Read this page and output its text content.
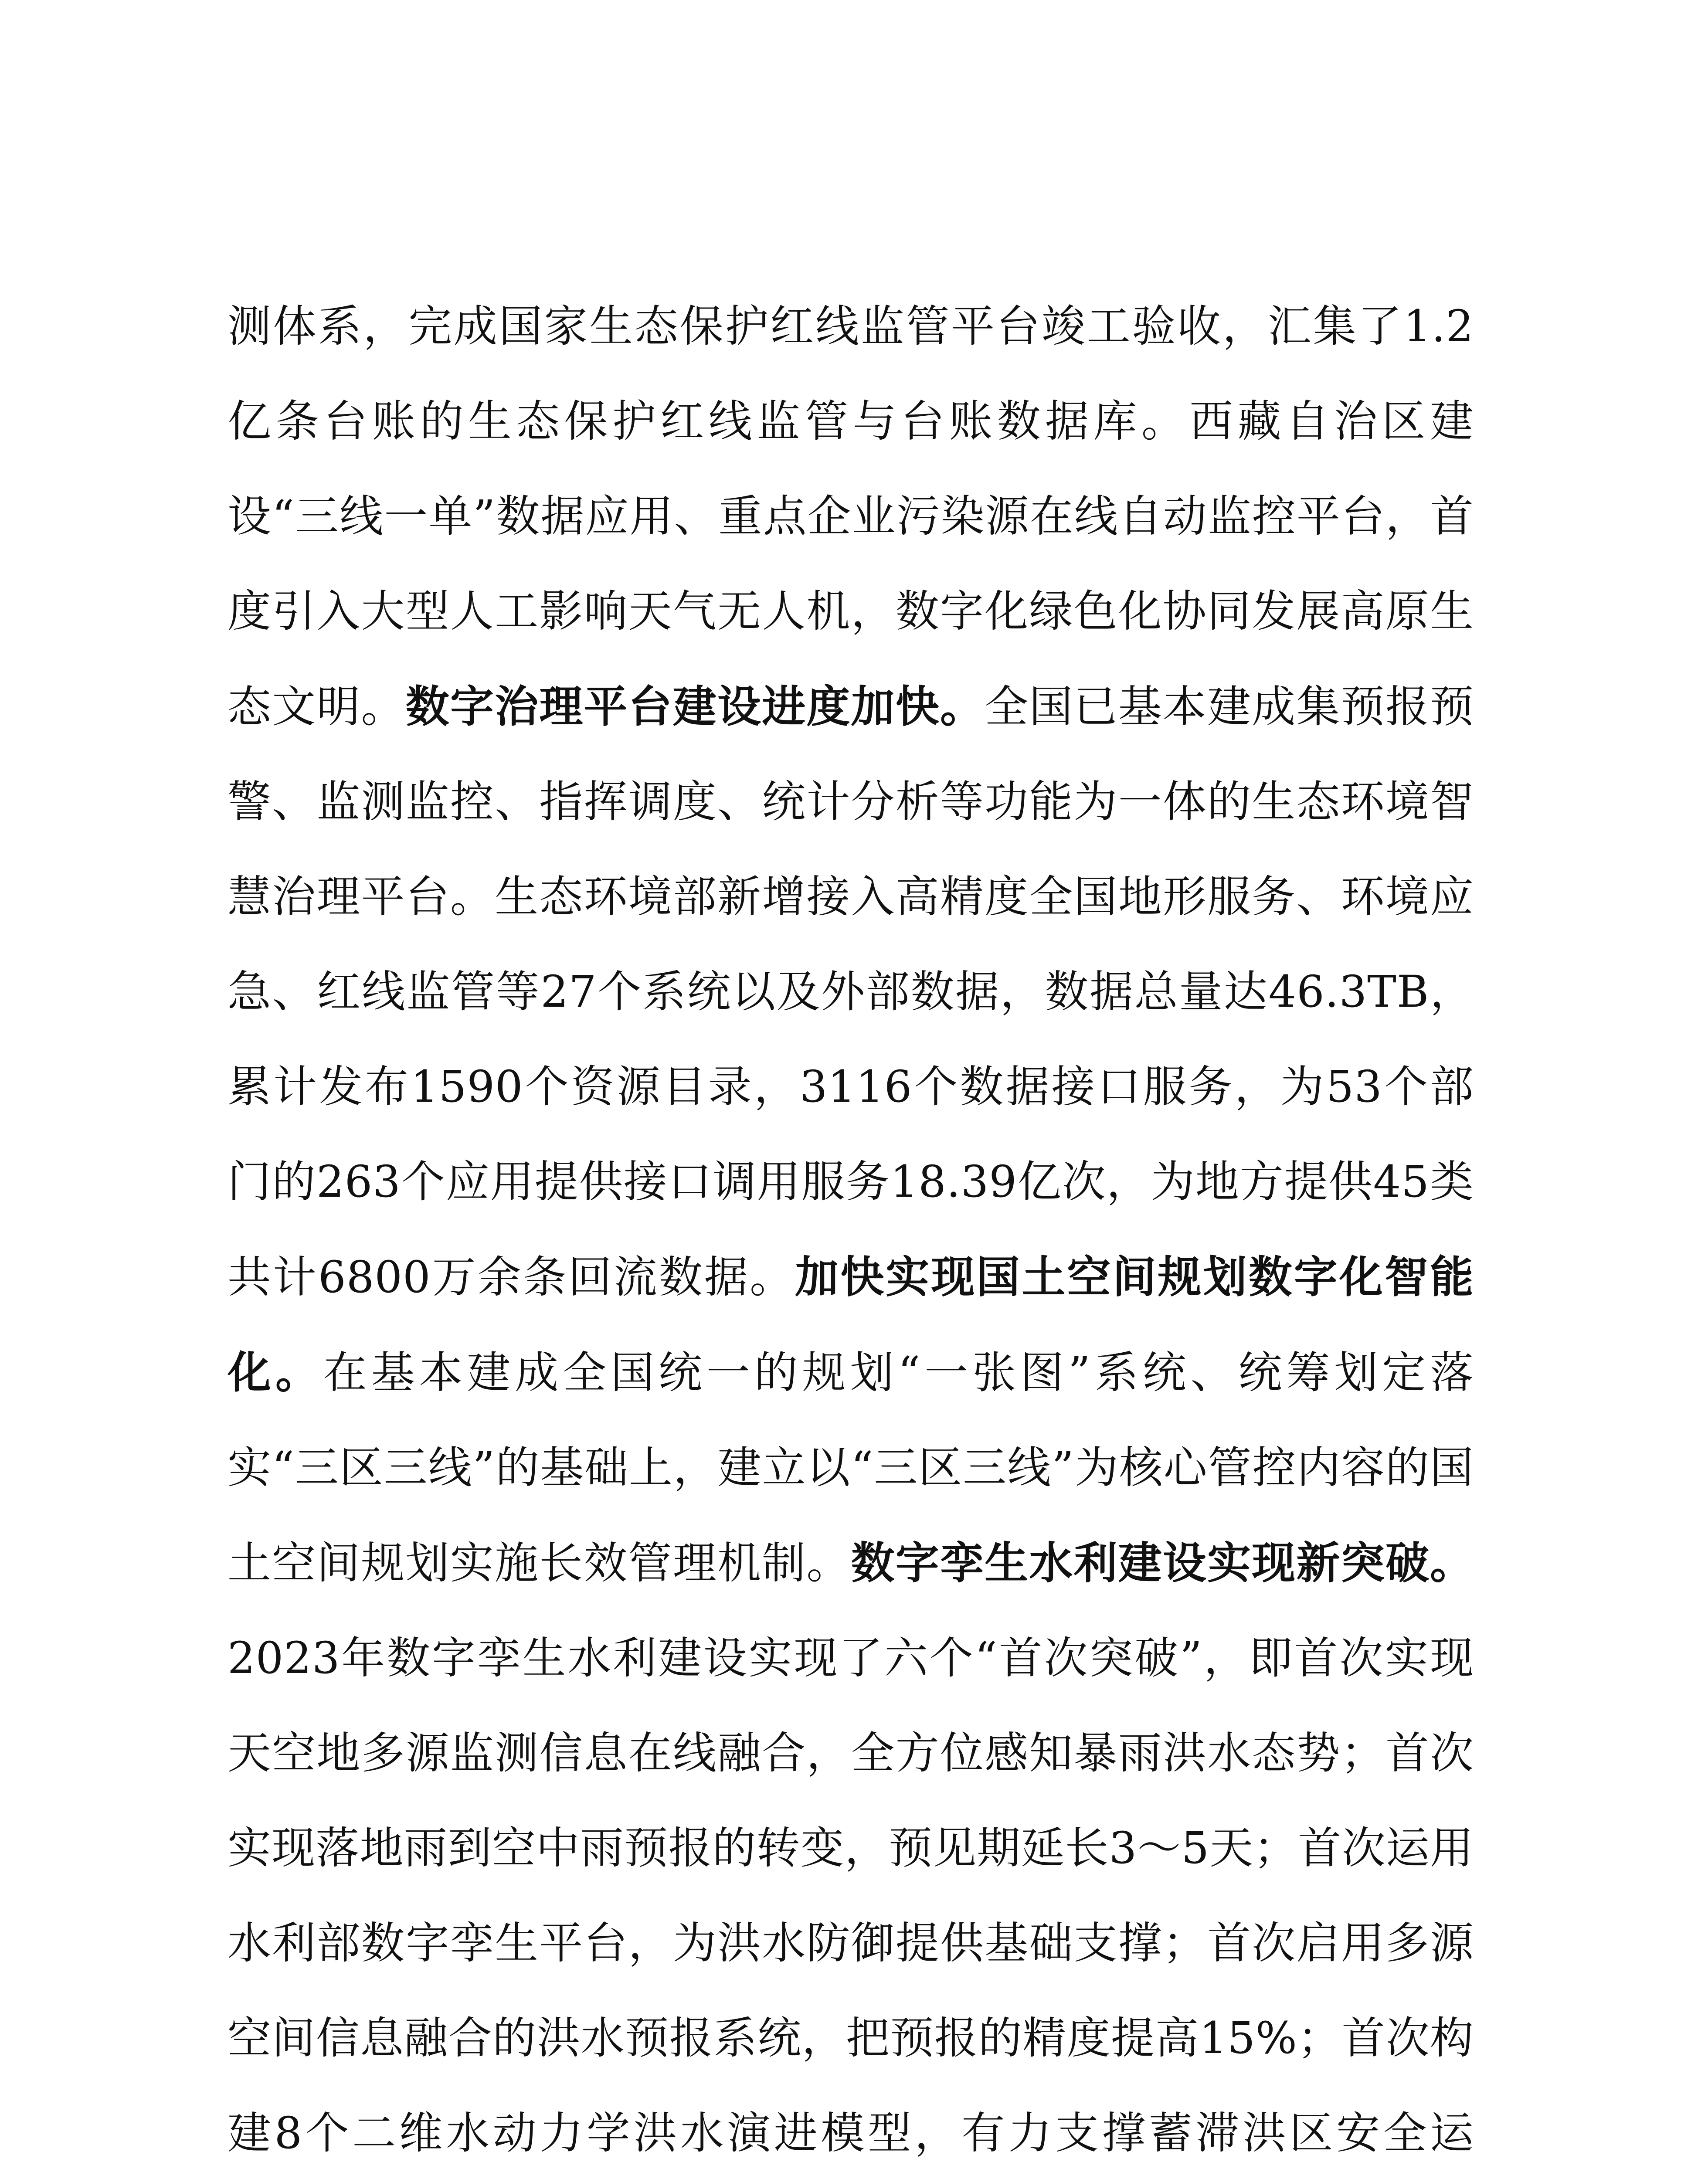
测体系，完成国家生态保护红线监管平台竣工验收，汇集了1.2亿条台账的生态保护红线监管与台账数据库。西藏自治区建设“三线一单”数据应用、重点企业污染源在线自动监控平台，首度引入大型人工影响天气无人机，数字化绿色化协同发展高原生态文明。数字治理平台建设进度加快。全国已基本建成集预报预警、监测监控、指挥调度、统计分析等功能为一体的生态环境智慧治理平台。生态环境部新增接入高精度全国地形服务、环境应急、红线监管等27个系统以及外部数据，数据总量达46.3TB，累计发布1590个资源目录，3116个数据接口服务，为53个部门的263个应用提供接口调用服务18.39亿次，为地方提供45类共计6800万余条回流数据。加快实现国土空间规划数字化智能化。在基本建成全国统一的规划“一张图”系统、统筹划定落实“三区三线”的基础上，建立以“三区三线”为核心管控内容的国土空间规划实施长效管理机制。数字孪生水利建设实现新突破。2023年数字孪生水利建设实现了六个“首次突破”，即首次实现天空地多源监测信息在线融合，全方位感知暴雨洪水态势；首次实现落地雨到空中雨预报的转变，预见期延长3～5天；首次运用水利部数字孪生平台，为洪水防御提供基础支撑；首次启用多源空间信息融合的洪水预报系统，把预报的精度提高15%；首次构建8个二维水动力学洪水演进模型，有力支撑蓄滞洪区安全运
